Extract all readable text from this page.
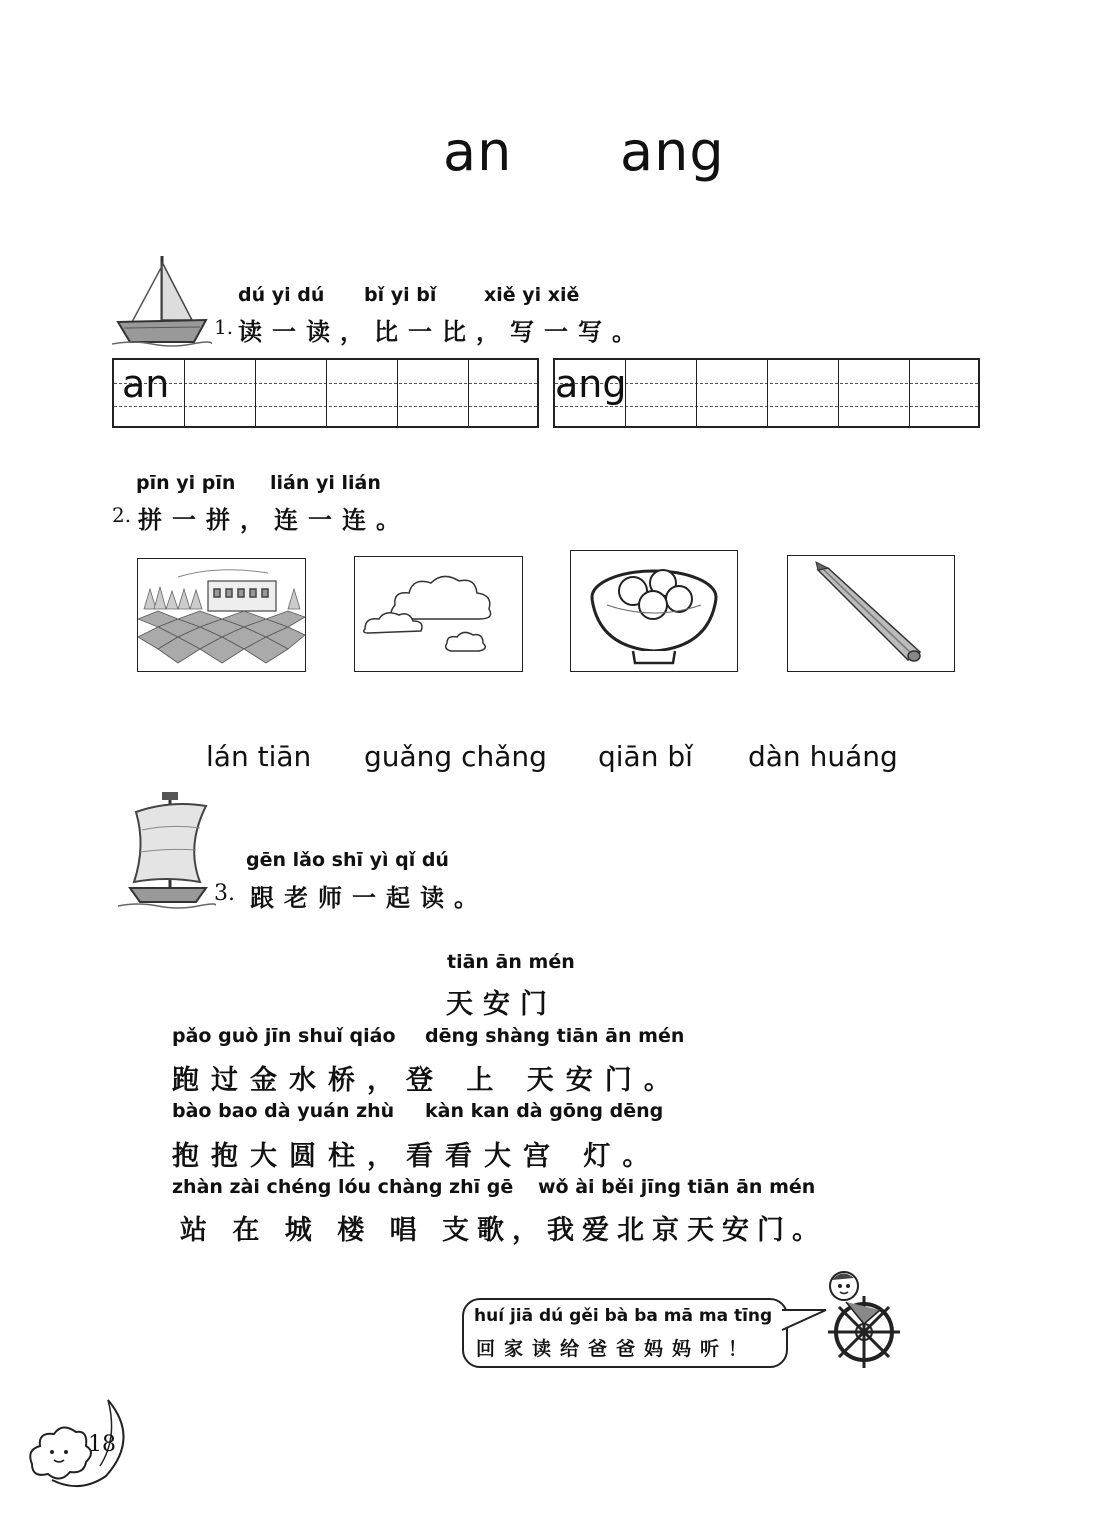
an ang
dú yi dú bǐ yi bǐ	xiě yi xiě
1. 读一读，比一比，写一写。
an	ang
pīn yi pīn lián yi lián
2. 拼一拼，连一连。
lán tiān guǎng chǎng qiān bǐ dàn huáng
gēn lǎo shī yì qǐ dú
3. 跟老师一起读。
tiān ān mén
天安门
pǎo guò jīn shuǐ qiáo dēng shàng tiān ān mén
跑过金水桥，登 上 天安门。
bào bao dà yuán zhù kàn kan dà gōng dēng
抱抱大圆柱，看看大宫 灯。
zhàn zài chéng lóu chàng zhī gē wǒ ài běi jīng tiān ān mén
站 在 城 楼 唱 支歌，我爱北京天安门。
huí jiā dú gěi bà ba mā ma tīng
回家读给爸爸妈妈听！
18
